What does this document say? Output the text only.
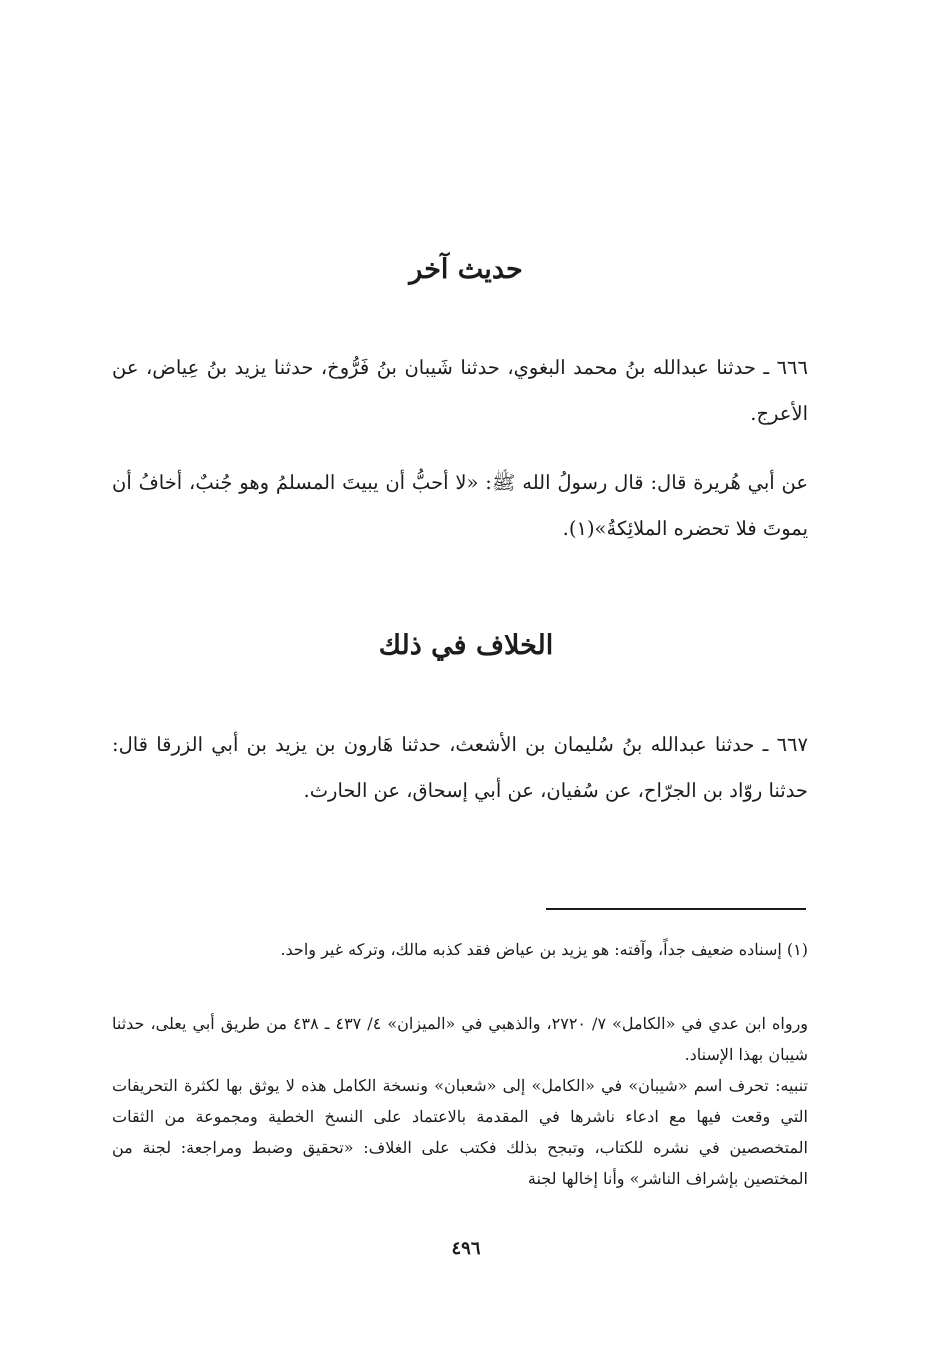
حديث آخر

٦٦٦ ـ حدثنا عبدالله بنُ محمد البغوي، حدثنا شَيبان بنُ فَرُّوخ، حدثنا يزيد بنُ عِياض، عن الأعرج.

عن أبي هُريرة قال: قال رسولُ الله ﷺ: «لا أحبُّ أن يبيتَ المسلمُ وهو جُنبٌ، أخافُ أن يموتَ فلا تحضره الملائِكةُ»(١).

الخلاف في ذلك

٦٦٧ ـ حدثنا عبدالله بنُ سُليمان بن الأشعث، حدثنا هَارون بن يزيد بن أبي الزرقا قال: حدثنا روّاد بن الجرّاح، عن سُفيان، عن أبي إسحاق، عن الحارث.

(١) إسناده ضعيف جداً، وآفته: هو يزيد بن عياض فقد كذبه مالك، وتركه غير واحد.

ورواه ابن عدي في «الكامل» ٧/ ٢٧٢٠، والذهبي في «الميزان» ٤/ ٤٣٧ ـ ٤٣٨ من طريق أبي يعلى، حدثنا شيبان بهذا الإسناد.

تنبيه: تحرف اسم «شيبان» في «الكامل» إلى «شعبان» ونسخة الكامل هذه لا يوثق بها لكثرة التحريفات التي وقعت فيها مع ادعاء ناشرها في المقدمة بالاعتماد على النسخ الخطية ومجموعة من الثقات المتخصصين في نشره للكتاب، وتبجح بذلك فكتب على الغلاف: «تحقيق وضبط ومراجعة: لجنة من المختصين بإشراف الناشر» وأنا إخالها لجنة

٤٩٦
